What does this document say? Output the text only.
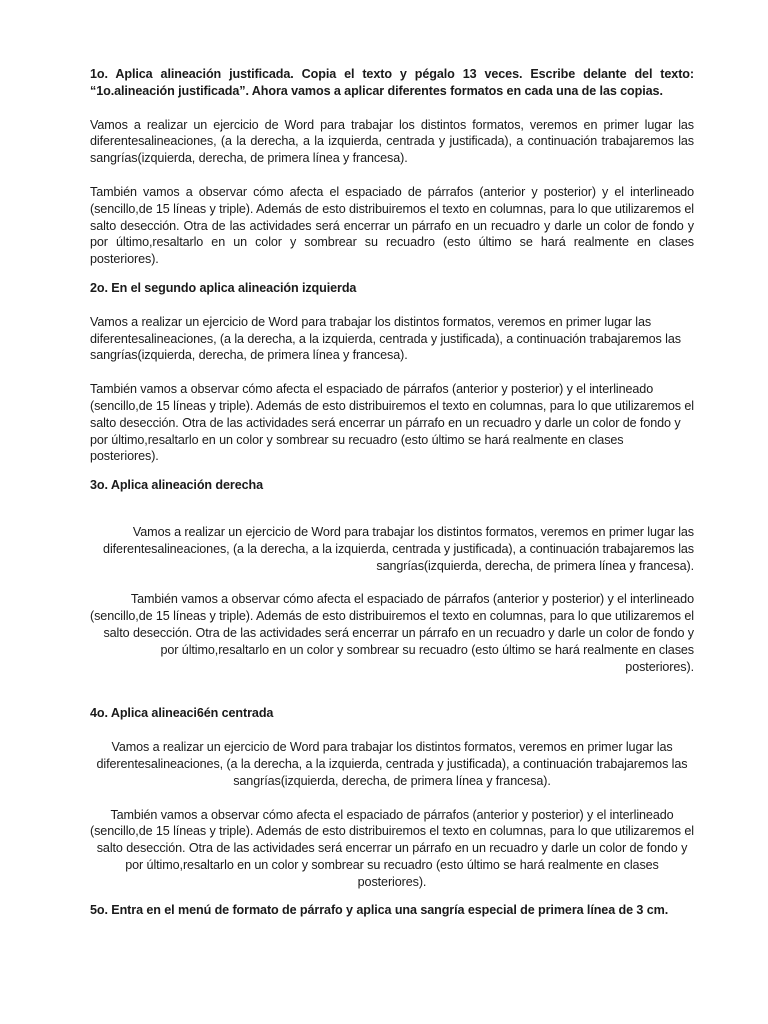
1o. Aplica alineación justificada. Copia el texto y pégalo 13 veces. Escribe delante del texto: “1o.alineación justificada”. Ahora vamos a aplicar diferentes formatos en cada una de las copias.

Vamos a realizar un ejercicio de Word para trabajar los distintos formatos, veremos en primer lugar las diferentesalineaciones, (a la derecha, a la izquierda, centrada y justificada), a continuación trabajaremos las sangrías(izquierda, derecha, de primera línea y francesa).

También vamos a observar cómo afecta el espaciado de párrafos (anterior y posterior) y el interlineado (sencillo,de 15 líneas y triple). Además de esto distribuiremos el texto en columnas, para lo que utilizaremos el salto desección. Otra de las actividades será encerrar un párrafo en un recuadro y darle un color de fondo y por último,resaltarlo en un color y sombrear su recuadro (esto último se hará realmente en clases posteriores).

2o. En el segundo aplica alineación izquierda

Vamos a realizar un ejercicio de Word para trabajar los distintos formatos, veremos en primer lugar las diferentesalineaciones, (a la derecha, a la izquierda, centrada y justificada), a continuación trabajaremos las sangrías(izquierda, derecha, de primera línea y francesa).

También vamos a observar cómo afecta el espaciado de párrafos (anterior y posterior) y el interlineado (sencillo,de 15 líneas y triple). Además de esto distribuiremos el texto en columnas, para lo que utilizaremos el salto desección. Otra de las actividades será encerrar un párrafo en un recuadro y darle un color de fondo y por último,resaltarlo en un color y sombrear su recuadro (esto último se hará realmente en clases posteriores).

3o. Aplica alineación derecha

Vamos a realizar un ejercicio de Word para trabajar los distintos formatos, veremos en primer lugar las diferentesalineaciones, (a la derecha, a la izquierda, centrada y justificada), a continuación trabajaremos las sangrías(izquierda, derecha, de primera línea y francesa).

También vamos a observar cómo afecta el espaciado de párrafos (anterior y posterior) y el interlineado (sencillo,de 15 líneas y triple). Además de esto distribuiremos el texto en columnas, para lo que utilizaremos el salto desección. Otra de las actividades será encerrar un párrafo en un recuadro y darle un color de fondo y por último,resaltarlo en un color y sombrear su recuadro (esto último se hará realmente en clases posteriores).

4o. Aplica alineaci6én centrada

Vamos a realizar un ejercicio de Word para trabajar los distintos formatos, veremos en primer lugar las diferentesalineaciones, (a la derecha, a la izquierda, centrada y justificada), a continuación trabajaremos las sangrías(izquierda, derecha, de primera línea y francesa).

También vamos a observar cómo afecta el espaciado de párrafos (anterior y posterior) y el interlineado (sencillo,de 15 líneas y triple). Además de esto distribuiremos el texto en columnas, para lo que utilizaremos el salto desección. Otra de las actividades será encerrar un párrafo en un recuadro y darle un color de fondo y por último,resaltarlo en un color y sombrear su recuadro (esto último se hará realmente en clases posteriores).

5o. Entra en el menú de formato de párrafo y aplica una sangría especial de primera línea de 3 cm.
